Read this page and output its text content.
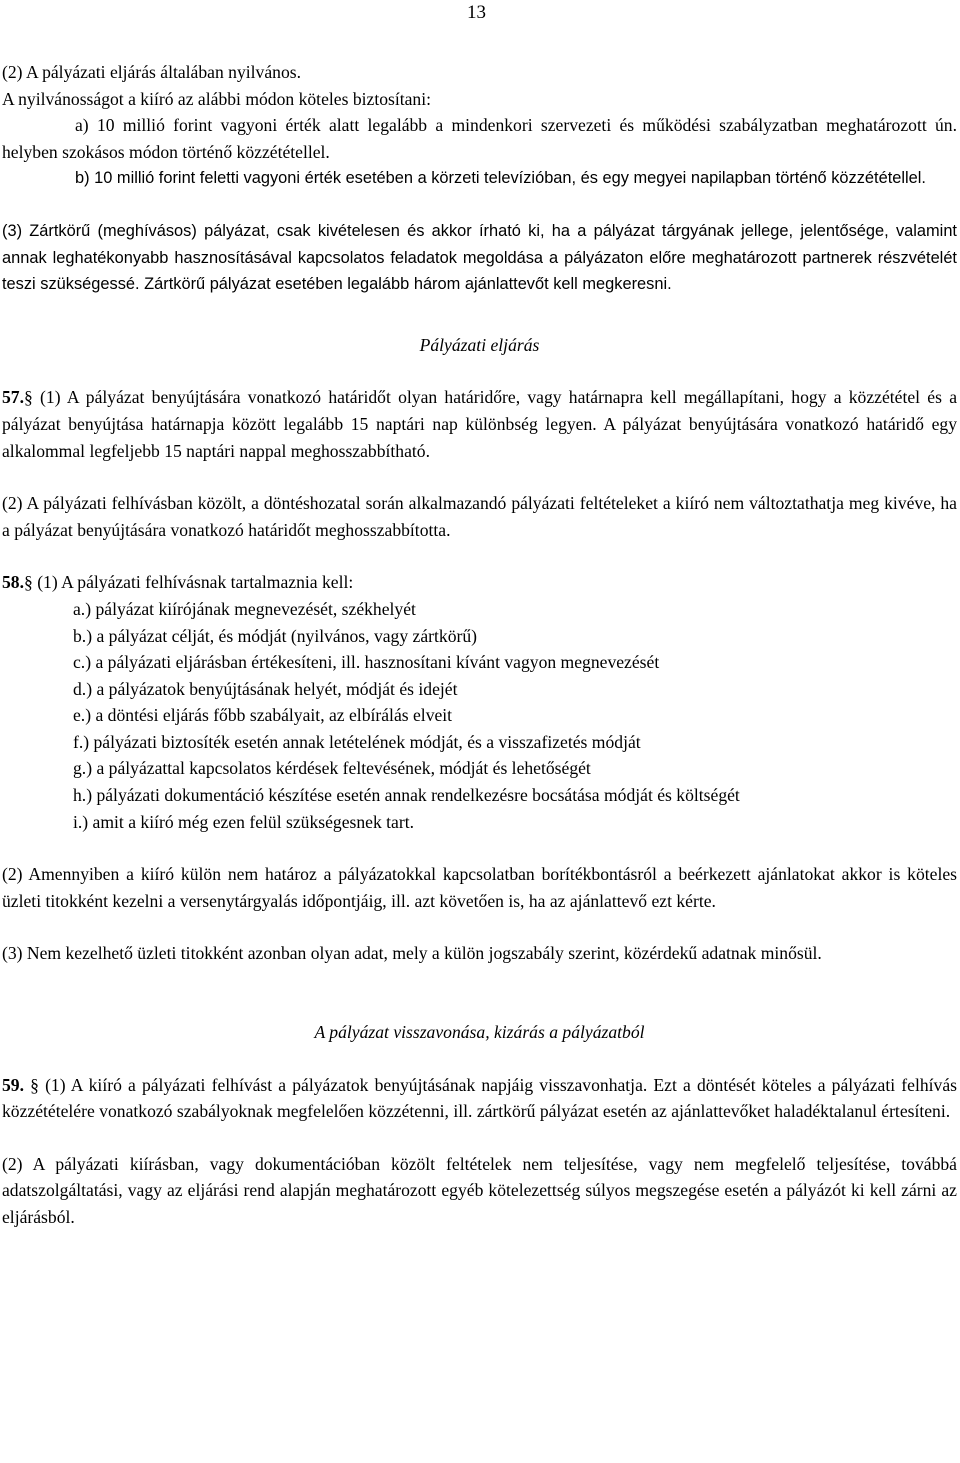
13

(2) A pályázati eljárás általában nyilvános.

A nyilvánosságot a kiíró az alábbi módon köteles biztosítani:

a) 10 millió forint vagyoni érték alatt legalább a mindenkori szervezeti és működési szabályzatban meghatározott ún. helyben szokásos módon történő közzététellel.

b) 10 millió forint feletti vagyoni érték esetében a körzeti televízióban, és egy megyei napilapban történő közzététellel.

(3) Zártkörű (meghívásos) pályázat, csak kivételesen és akkor írható ki, ha a pályázat tárgyának jellege, jelentősége, valamint annak leghatékonyabb hasznosításával kapcsolatos feladatok megoldása a pályázaton előre meghatározott partnerek részvételét teszi szükségessé. Zártkörű pályázat esetében legalább három ajánlattevőt kell megkeresni.

Pályázati eljárás

57.§ (1) A pályázat benyújtására vonatkozó határidőt olyan határidőre, vagy határnapra kell megállapítani, hogy a közzététel és a pályázat benyújtása határnapja között legalább 15 naptári nap különbség legyen. A pályázat benyújtására vonatkozó határidő egy alkalommal legfeljebb 15 naptári nappal meghosszabbítható.

(2) A pályázati felhívásban közölt, a döntéshozatal során alkalmazandó pályázati feltételeket a kiíró nem változtathatja meg kivéve, ha a pályázat benyújtására vonatkozó határidőt meghosszabbította.

58.§ (1) A pályázati felhívásnak tartalmaznia kell:

a.) pályázat kiírójának megnevezését, székhelyét

b.) a pályázat célját, és módját (nyilvános, vagy zártkörű)

c.) a pályázati eljárásban értékesíteni, ill. hasznosítani kívánt vagyon megnevezését

d.) a pályázatok benyújtásának helyét, módját és idejét

e.) a döntési eljárás főbb szabályait, az elbírálás elveit

f.) pályázati biztosíték esetén annak letételének módját, és a visszafizetés módját

g.) a pályázattal kapcsolatos kérdések feltevésének, módját és lehetőségét

h.) pályázati dokumentáció készítése esetén annak rendelkezésre bocsátása módját és költségét

i.) amit a kiíró még ezen felül szükségesnek tart.

(2) Amennyiben a kiíró külön nem határoz a pályázatokkal kapcsolatban borítékbontásról a beérkezett ajánlatokat akkor is köteles üzleti titokként kezelni a versenytárgyalás időpontjáig, ill. azt követően is, ha az ajánlattevő ezt kérte.

(3) Nem kezelhető üzleti titokként azonban olyan adat, mely a külön jogszabály szerint, közérdekű adatnak minősül.

A pályázat visszavonása, kizárás a pályázatból

59. § (1) A kiíró a pályázati felhívást a pályázatok benyújtásának napjáig visszavonhatja. Ezt a döntését köteles a pályázati felhívás közzétételére vonatkozó szabályoknak megfelelően közzétenni, ill. zártkörű pályázat esetén az ajánlattevőket haladéktalanul értesíteni.

(2) A pályázati kiírásban, vagy dokumentációban közölt feltételek nem teljesítése, vagy nem megfelelő teljesítése, továbbá adatszolgáltatási, vagy az eljárási rend alapján meghatározott egyéb kötelezettség súlyos megszegése esetén a pályázót ki kell zárni az eljárásból.
